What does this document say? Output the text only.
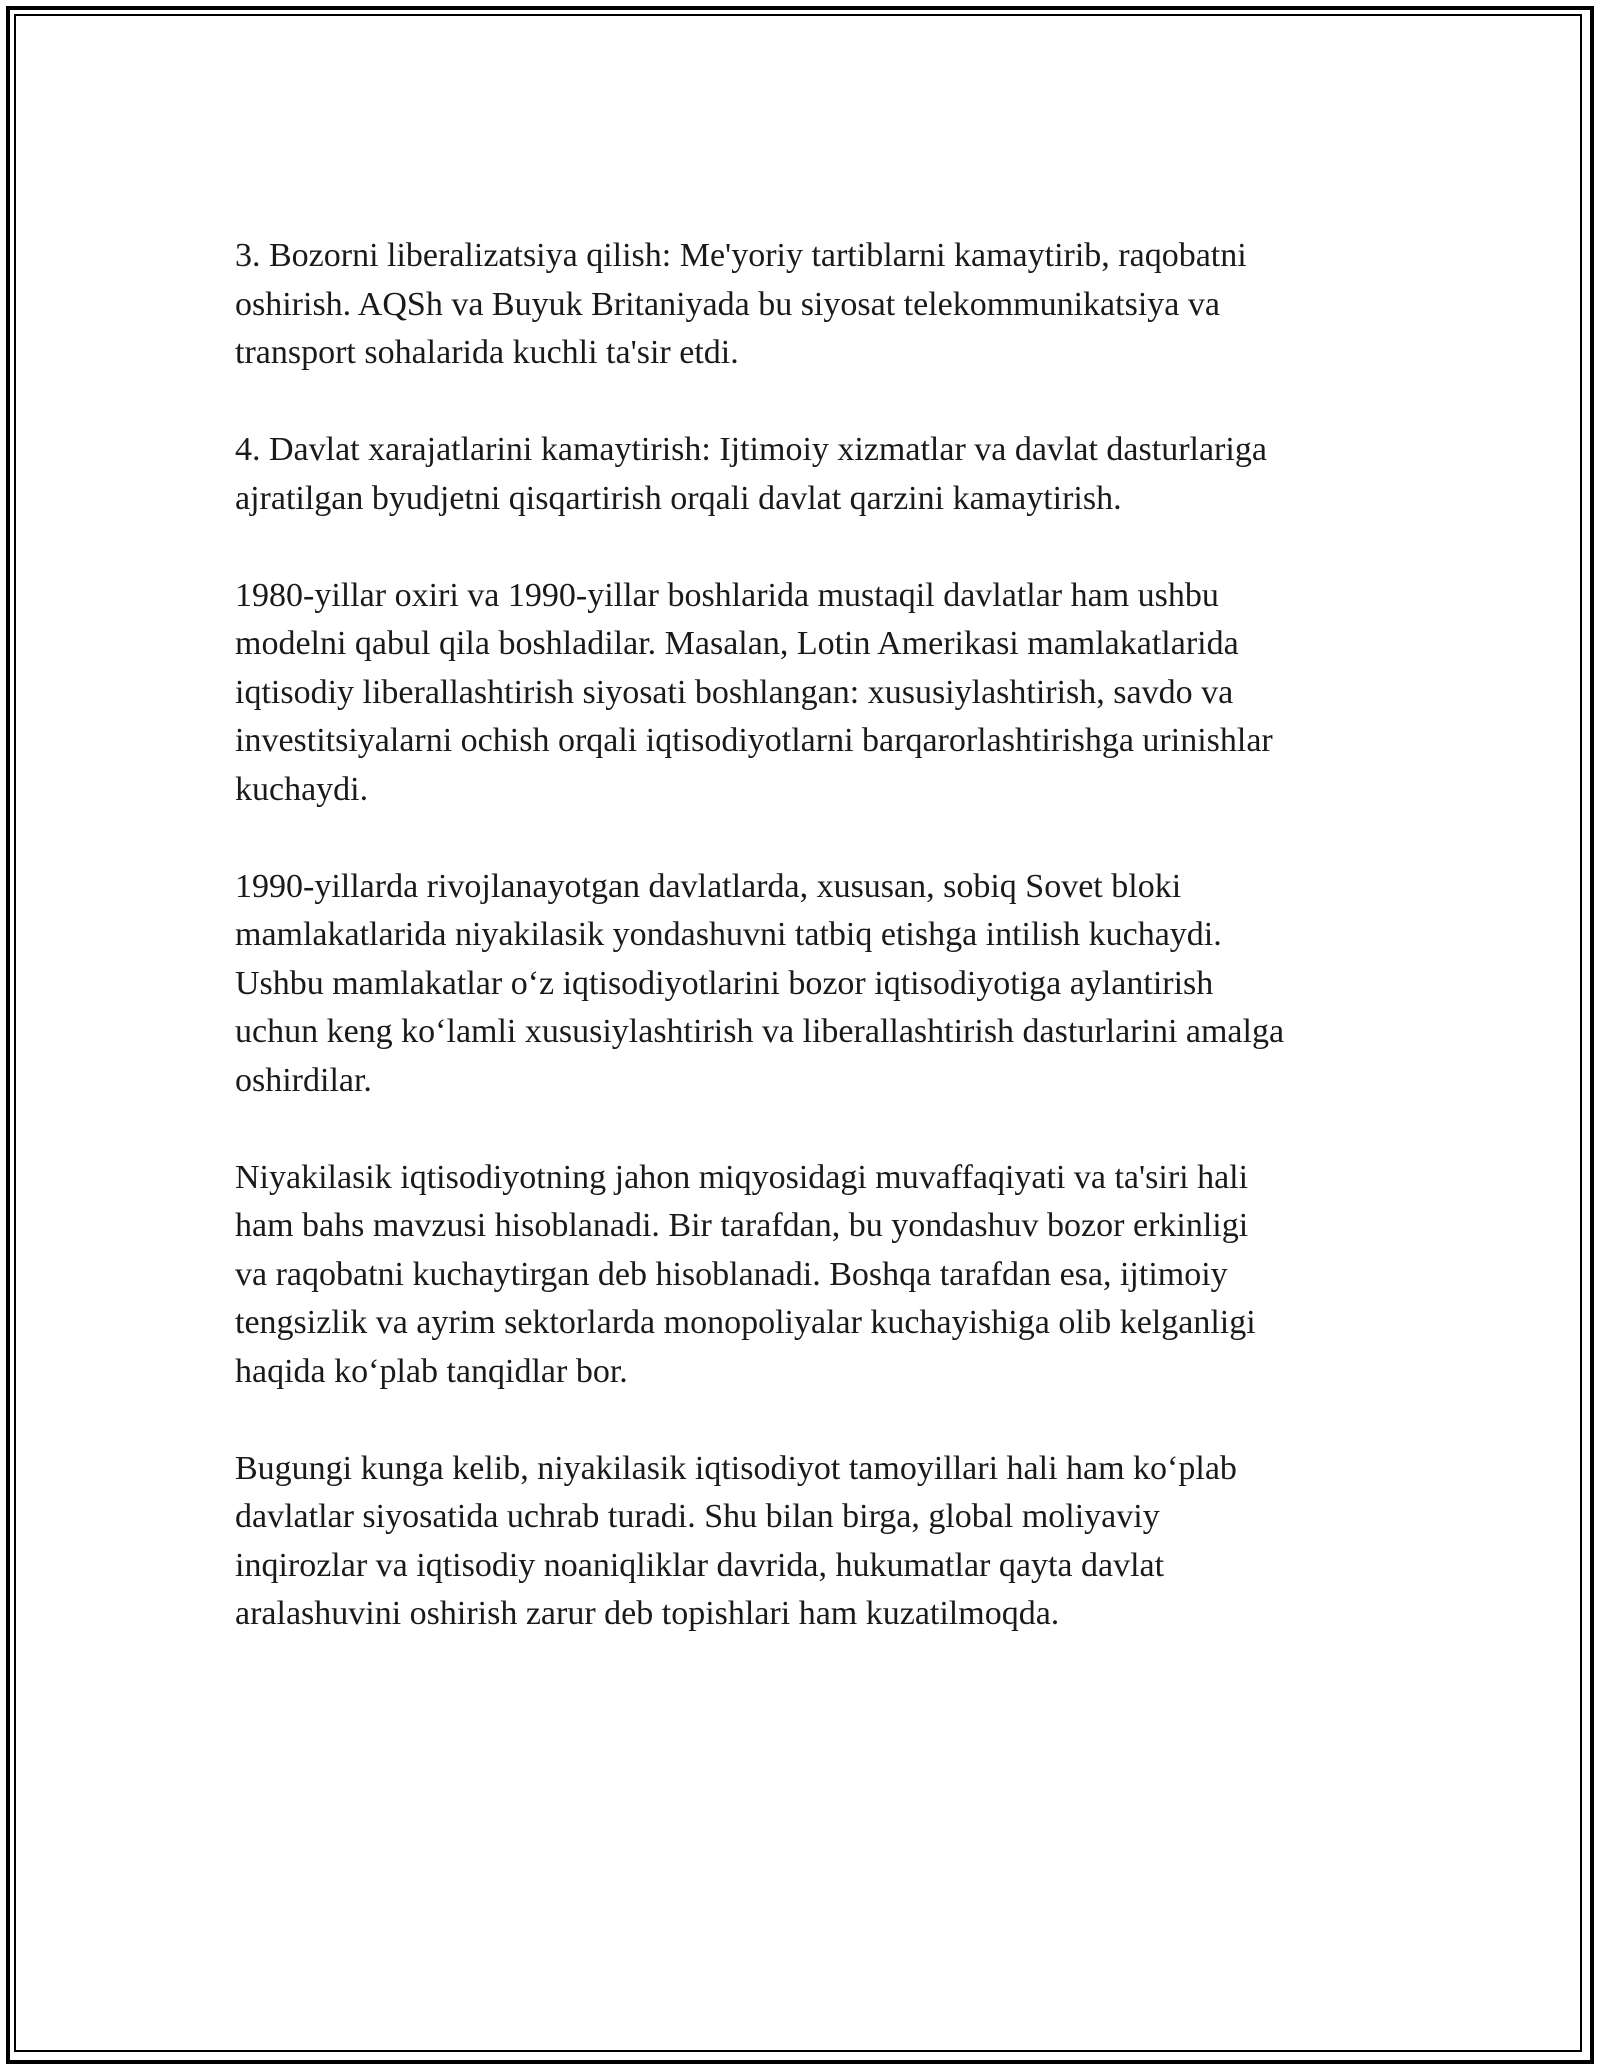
3. Bozorni liberalizatsiya qilish: Me'yoriy tartiblarni kamaytirib, raqobatni
oshirish. AQSh va Buyuk Britaniyada bu siyosat telekommunikatsiya va
transport sohalarida kuchli ta'sir etdi.

4. Davlat xarajatlarini kamaytirish: Ijtimoiy xizmatlar va davlat dasturlariga
ajratilgan byudjetni qisqartirish orqali davlat qarzini kamaytirish.

1980-yillar oxiri va 1990-yillar boshlarida mustaqil davlatlar ham ushbu
modelni qabul qila boshladilar. Masalan, Lotin Amerikasi mamlakatlarida
iqtisodiy liberallashtirish siyosati boshlangan: xususiylashtirish, savdo va
investitsiyalarni ochish orqali iqtisodiyotlarni barqarorlashtirishga urinishlar
kuchaydi.

1990-yillarda rivojlanayotgan davlatlarda, xususan, sobiq Sovet bloki
mamlakatlarida niyakilasik yondashuvni tatbiq etishga intilish kuchaydi.
Ushbu mamlakatlar o‘z iqtisodiyotlarini bozor iqtisodiyotiga aylantirish
uchun keng ko‘lamli xususiylashtirish va liberallashtirish dasturlarini amalga
oshirdilar.

Niyakilasik iqtisodiyotning jahon miqyosidagi muvaffaqiyati va ta'siri hali
ham bahs mavzusi hisoblanadi. Bir tarafdan, bu yondashuv bozor erkinligi
va raqobatni kuchaytirgan deb hisoblanadi. Boshqa tarafdan esa, ijtimoiy
tengsizlik va ayrim sektorlarda monopoliyalar kuchayishiga olib kelganligi
haqida ko‘plab tanqidlar bor.

Bugungi kunga kelib, niyakilasik iqtisodiyot tamoyillari hali ham ko‘plab
davlatlar siyosatida uchrab turadi. Shu bilan birga, global moliyaviy
inqirozlar va iqtisodiy noaniqliklar davrida, hukumatlar qayta davlat
aralashuvini oshirish zarur deb topishlari ham kuzatilmoqda.
